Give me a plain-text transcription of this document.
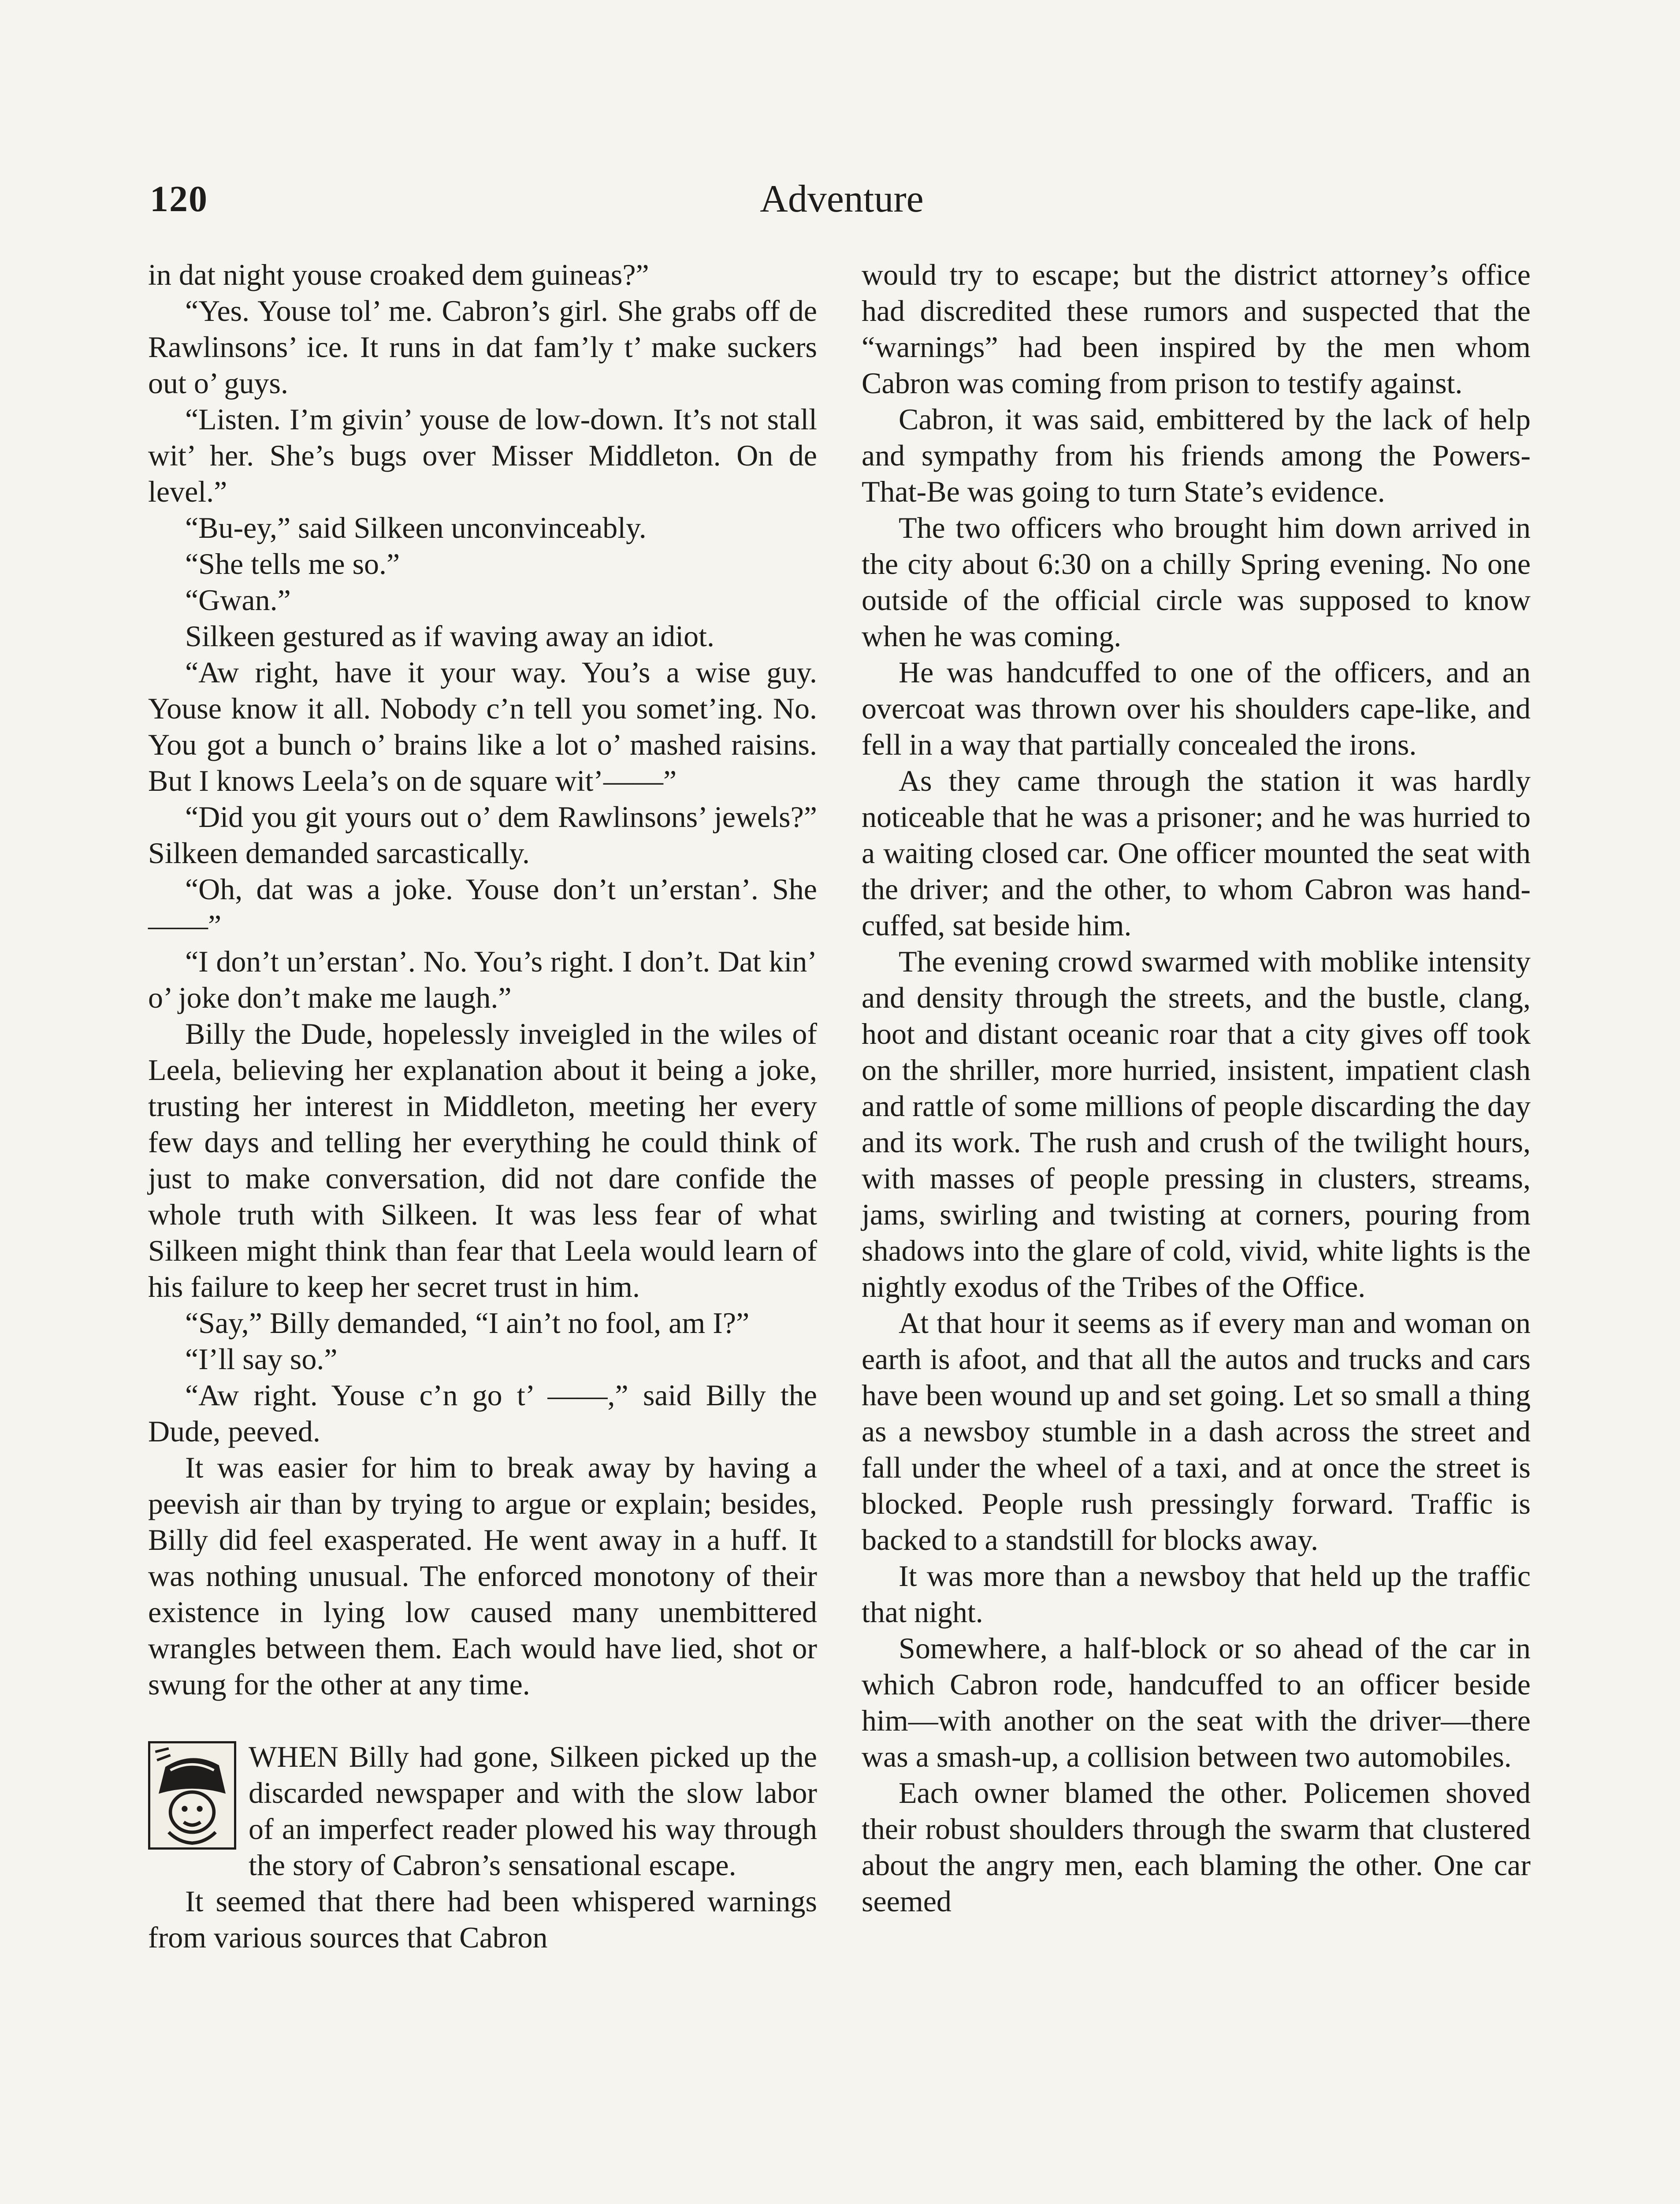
120	Adventure

in dat night youse croaked dem guineas?”

“Yes. Youse tol’ me. Cabron’s girl. She grabs off de Rawlinsons’ ice. It runs in dat fam’ly t’ make suckers out o’ guys.

“Listen. I’m givin’ youse de low-down. It’s not stall wit’ her. She’s bugs over Misser Middleton. On de level.”

“Bu-ey,” said Silkeen unconvinceably.

“She tells me so.”

“Gwan.”

Silkeen gestured as if waving away an idiot.

“Aw right, have it your way. You’s a wise guy. Youse know it all. Nobody c’n tell you somet’ing. No. You got a bunch o’ brains like a lot o’ mashed raisins. But I knows Leela’s on de square wit’——”

“Did you git yours out o’ dem Rawlinsons’ jewels?” Silkeen demanded sarcastically.

“Oh, dat was a joke. Youse don’t un’erstan’. She——”

“I don’t un’erstan’. No. You’s right. I don’t. Dat kin’ o’ joke don’t make me laugh.”

Billy the Dude, hopelessly inveigled in the wiles of Leela, believing her explanation about it being a joke, trusting her interest in Middleton, meeting her every few days and telling her everything he could think of just to make conversation, did not dare confide the whole truth with Silkeen. It was less fear of what Silkeen might think than fear that Leela would learn of his failure to keep her secret trust in him.

“Say,” Billy demanded, “I ain’t no fool, am I?”

“I’ll say so.”

“Aw right. Youse c’n go t’ ——,” said Billy the Dude, peeved.

It was easier for him to break away by having a peevish air than by trying to argue or explain; besides, Billy did feel exasperated. He went away in a huff. It was nothing unusual. The enforced monotony of their existence in lying low caused many unembittered wrangles between them. Each would have lied, shot or swung for the other at any time.

WHEN Billy had gone, Silkeen picked up the discarded newspaper and with the slow labor of an imperfect reader plowed his way through the story of Cabron’s sensational escape.

It seemed that there had been whispered warnings from various sources that Cabron

would try to escape; but the district attorney’s office had discredited these rumors and suspected that the “warnings” had been inspired by the men whom Cabron was coming from prison to testify against.

Cabron, it was said, embittered by the lack of help and sympathy from his friends among the Powers-That-Be was going to turn State’s evidence.

The two officers who brought him down arrived in the city about 6:30 on a chilly Spring evening. No one outside of the official circle was supposed to know when he was coming.

He was handcuffed to one of the officers, and an overcoat was thrown over his shoulders cape-like, and fell in a way that partially concealed the irons.

As they came through the station it was hardly noticeable that he was a prisoner; and he was hurried to a waiting closed car. One officer mounted the seat with the driver; and the other, to whom Cabron was handcuffed, sat beside him.

The evening crowd swarmed with moblike intensity and density through the streets, and the bustle, clang, hoot and distant oceanic roar that a city gives off took on the shriller, more hurried, insistent, impatient clash and rattle of some millions of people discarding the day and its work. The rush and crush of the twilight hours, with masses of people pressing in clusters, streams, jams, swirling and twisting at corners, pouring from shadows into the glare of cold, vivid, white lights is the nightly exodus of the Tribes of the Office.

At that hour it seems as if every man and woman on earth is afoot, and that all the autos and trucks and cars have been wound up and set going. Let so small a thing as a newsboy stumble in a dash across the street and fall under the wheel of a taxi, and at once the street is blocked. People rush pressingly forward. Traffic is backed to a standstill for blocks away.

It was more than a newsboy that held up the traffic that night.

Somewhere, a half-block or so ahead of the car in which Cabron rode, handcuffed to an officer beside him—with another on the seat with the driver—there was a smash-up, a collision between two automobiles.

Each owner blamed the other. Policemen shoved their robust shoulders through the swarm that clustered about the angry men, each blaming the other. One car seemed
